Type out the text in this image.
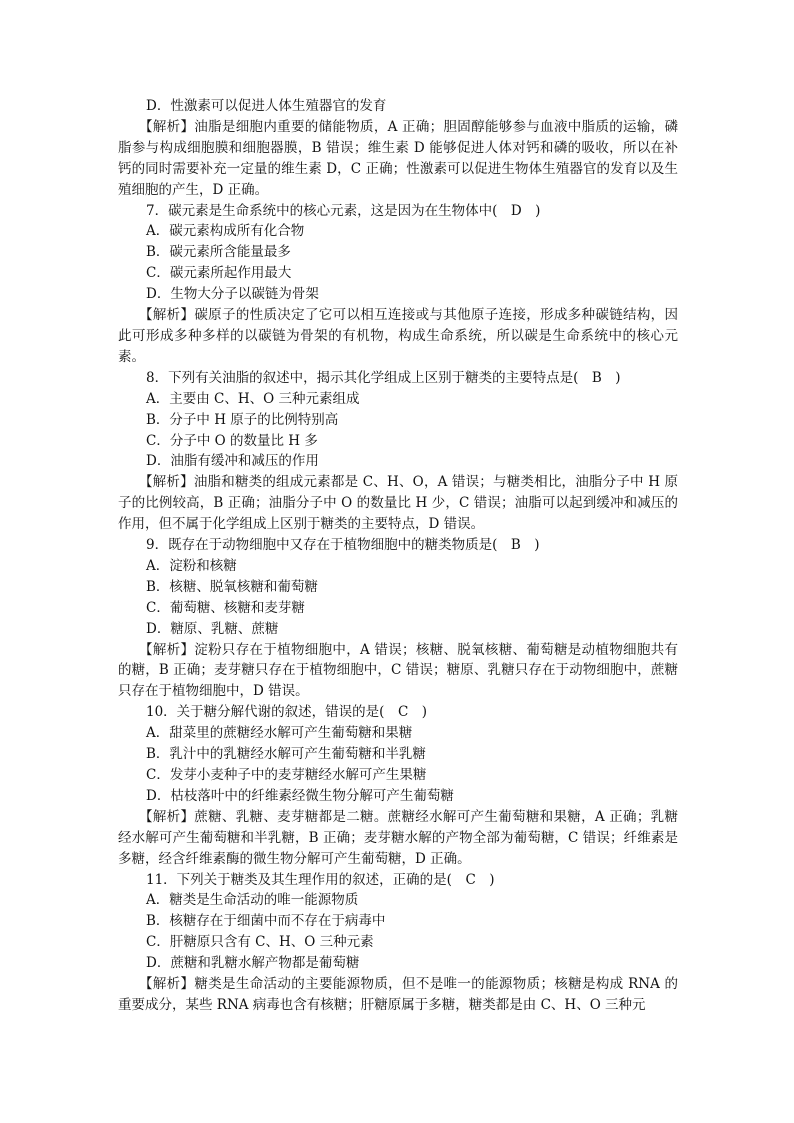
D．性激素可以促进人体生殖器官的发育
【解析】油脂是细胞内重要的储能物质，A 正确；胆固醇能够参与血液中脂质的运输，磷脂参与构成细胞膜和细胞器膜，B 错误；维生素 D 能够促进人体对钙和磷的吸收，所以在补钙的同时需要补充一定量的维生素 D，C 正确；性激素可以促进生物体生殖器官的发育以及生殖细胞的产生，D 正确。
7．碳元素是生命系统中的核心元素，这是因为在生物体中(　D　)
A．碳元素构成所有化合物
B．碳元素所含能量最多
C．碳元素所起作用最大
D．生物大分子以碳链为骨架
【解析】碳原子的性质决定了它可以相互连接或与其他原子连接，形成多种碳链结构，因此可形成多种多样的以碳链为骨架的有机物，构成生命系统，所以碳是生命系统中的核心元素。
8．下列有关油脂的叙述中，揭示其化学组成上区别于糖类的主要特点是(　B　)
A．主要由 C、H、O 三种元素组成
B．分子中 H 原子的比例特别高
C．分子中 O 的数量比 H 多
D．油脂有缓冲和减压的作用
【解析】油脂和糖类的组成元素都是 C、H、O，A 错误；与糖类相比，油脂分子中 H 原子的比例较高，B 正确；油脂分子中 O 的数量比 H 少，C 错误；油脂可以起到缓冲和减压的作用，但不属于化学组成上区别于糖类的主要特点，D 错误。
9．既存在于动物细胞中又存在于植物细胞中的糖类物质是(　B　)
A．淀粉和核糖
B．核糖、脱氧核糖和葡萄糖
C．葡萄糖、核糖和麦芽糖
D．糖原、乳糖、蔗糖
【解析】淀粉只存在于植物细胞中，A 错误；核糖、脱氧核糖、葡萄糖是动植物细胞共有的糖，B 正确；麦芽糖只存在于植物细胞中，C 错误；糖原、乳糖只存在于动物细胞中，蔗糖只存在于植物细胞中，D 错误。
10．关于糖分解代谢的叙述，错误的是(　C　)
A．甜菜里的蔗糖经水解可产生葡萄糖和果糖
B．乳汁中的乳糖经水解可产生葡萄糖和半乳糖
C．发芽小麦种子中的麦芽糖经水解可产生果糖
D．枯枝落叶中的纤维素经微生物分解可产生葡萄糖
【解析】蔗糖、乳糖、麦芽糖都是二糖。蔗糖经水解可产生葡萄糖和果糖，A 正确；乳糖经水解可产生葡萄糖和半乳糖，B 正确；麦芽糖水解的产物全部为葡萄糖，C 错误；纤维素是多糖，经含纤维素酶的微生物分解可产生葡萄糖，D 正确。
11．下列关于糖类及其生理作用的叙述，正确的是(　C　)
A．糖类是生命活动的唯一能源物质
B．核糖存在于细菌中而不存在于病毒中
C．肝糖原只含有 C、H、O 三种元素
D．蔗糖和乳糖水解产物都是葡萄糖
【解析】糖类是生命活动的主要能源物质，但不是唯一的能源物质；核糖是构成 RNA 的重要成分，某些 RNA 病毒也含有核糖；肝糖原属于多糖，糖类都是由 C、H、O 三种元
